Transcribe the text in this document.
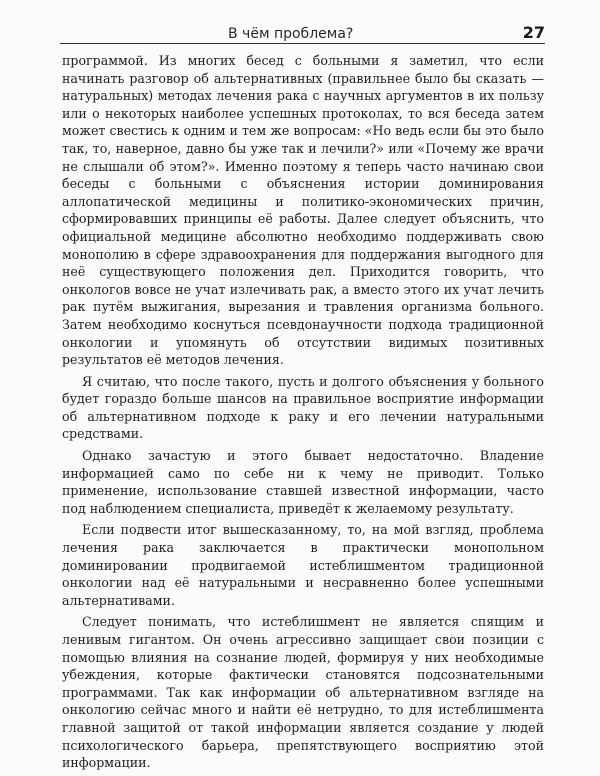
В чём проблема?	27

программой. Из многих бесед с больными я заметил, что если начинать разговор об альтернативных (правильнее было бы сказать — натуральных) методах лечения рака с научных аргументов в их пользу или о некоторых наиболее успешных протоколах, то вся беседа затем может свестись к одним и тем же вопросам: «Но ведь если бы это было так, то, наверное, давно бы уже так и лечили?» или «Почему же врачи не слышали об этом?». Именно поэтому я теперь часто начинаю свои беседы с больными с объяснения истории доминирования аллопатической медицины и политико-экономических причин, сформировавших принципы её работы. Далее следует объяснить, что официальной медицине абсолютно необходимо поддерживать свою монополию в сфере здравоохранения для поддержания выгодного для неё существующего положения дел. Приходится говорить, что онкологов вовсе не учат излечивать рак, а вместо этого их учат лечить рак путём выжигания, вырезания и травления организма больного. Затем необходимо коснуться псевдонаучности подхода традиционной онкологии и упомянуть об отсутствии видимых позитивных результатов её методов лечения.

Я считаю, что после такого, пусть и долгого объяснения у больного будет гораздо больше шансов на правильное восприятие информации об альтернативном подходе к раку и его лечении натуральными средствами.

Однако зачастую и этого бывает недостаточно. Владение информацией само по себе ни к чему не приводит. Только применение, использование ставшей известной информации, часто под наблюдением специалиста, приведёт к желаемому результату.

Если подвести итог вышесказанному, то, на мой взгляд, проблема лечения рака заключается в практически монопольном доминировании продвигаемой истеблишментом традиционной онкологии над её натуральными и несравненно более успешными альтернативами.

Следует понимать, что истеблишмент не является спящим и ленивым гигантом. Он очень агрессивно защищает свои позиции с помощью влияния на сознание людей, формируя у них необходимые убеждения, которые фактически становятся подсознательными программами. Так как информации об альтернативном взгляде на онкологию сейчас много и найти её нетрудно, то для истеблишмента главной защитой от такой информации является создание у людей психологического барьера, препятствующего восприятию этой информации.
